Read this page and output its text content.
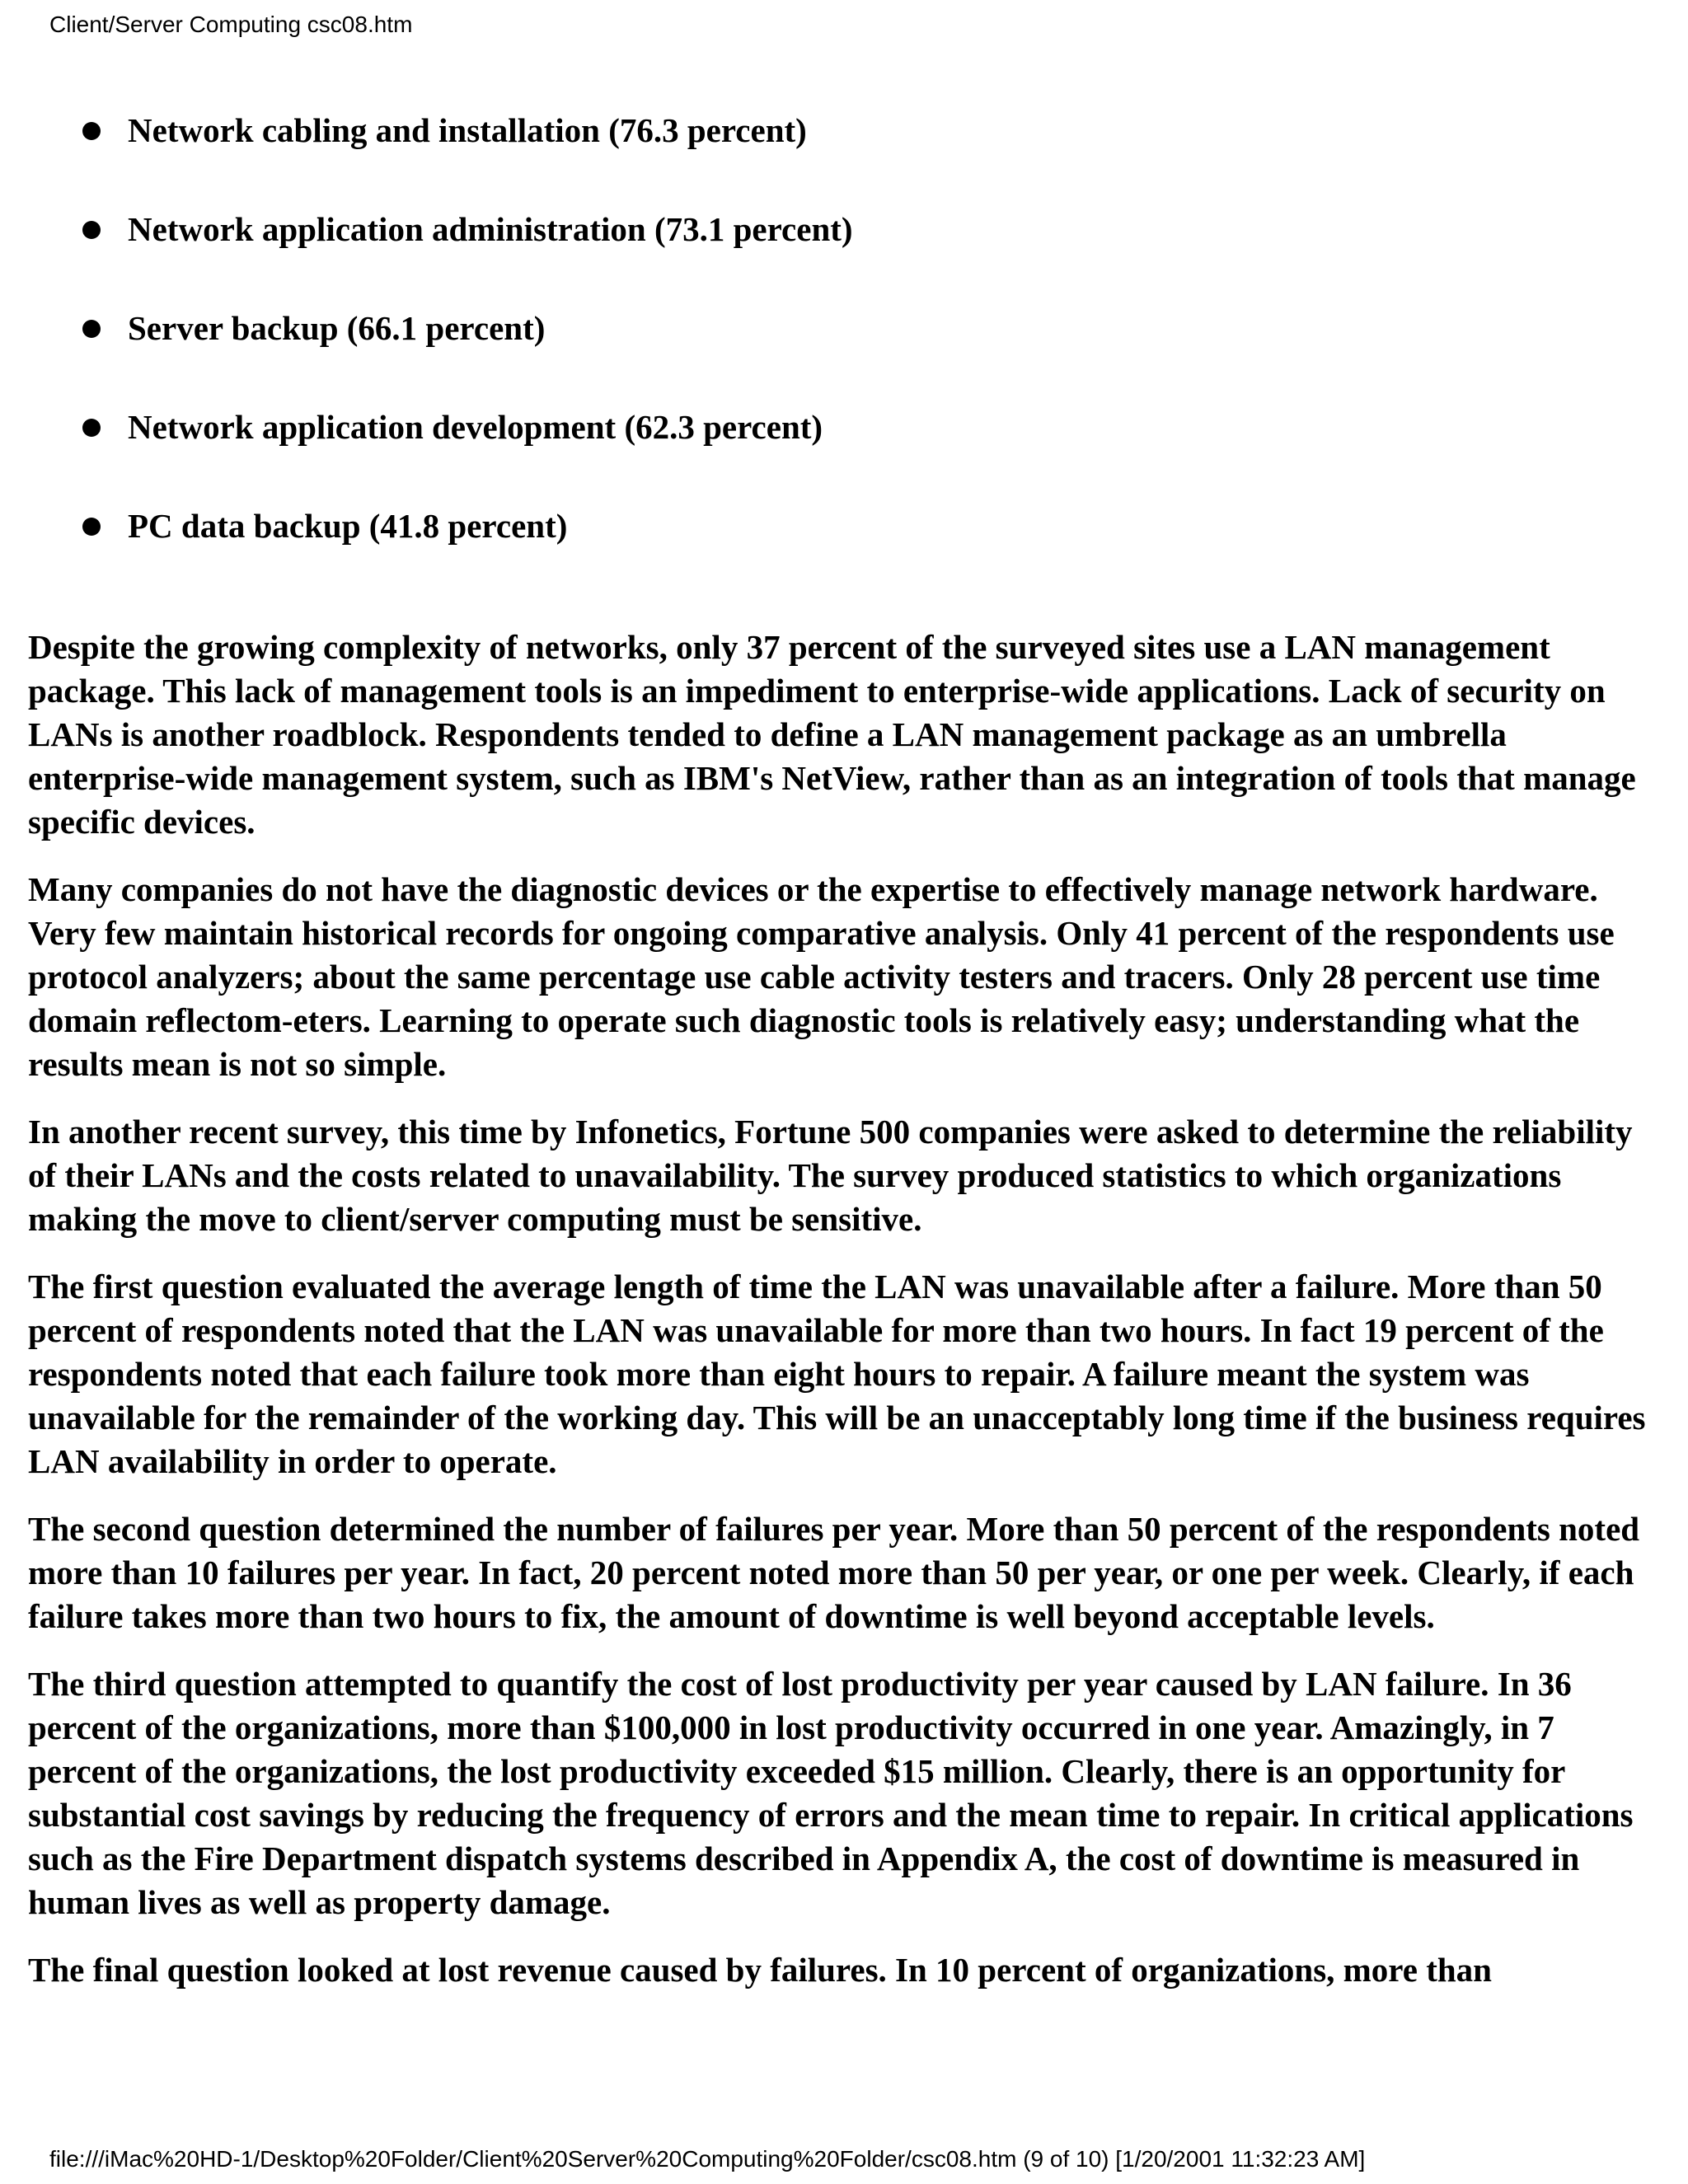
Client/Server Computing csc08.htm
Network cabling and installation (76.3 percent)
Network application administration (73.1 percent)
Server backup (66.1 percent)
Network application development (62.3 percent)
PC data backup (41.8 percent)

Despite the growing complexity of networks, only 37 percent of the surveyed sites use a LAN management package. This lack of management tools is an impediment to enterprise-wide applications. Lack of security on LANs is another roadblock. Respondents tended to define a LAN management package as an umbrella enterprise-wide management system, such as IBM's NetView, rather than as an integration of tools that manage specific devices.

Many companies do not have the diagnostic devices or the expertise to effectively manage network hardware. Very few maintain historical records for ongoing comparative analysis. Only 41 percent of the respondents use protocol analyzers; about the same percentage use cable activity testers and tracers. Only 28 percent use time domain reflectom-eters. Learning to operate such diagnostic tools is relatively easy; understanding what the results mean is not so simple.

In another recent survey, this time by Infonetics, Fortune 500 companies were asked to determine the reliability of their LANs and the costs related to unavailability. The survey produced statistics to which organizations making the move to client/server computing must be sensitive.

The first question evaluated the average length of time the LAN was unavailable after a failure. More than 50 percent of respondents noted that the LAN was unavailable for more than two hours. In fact 19 percent of the respondents noted that each failure took more than eight hours to repair. A failure meant the system was unavailable for the remainder of the working day. This will be an unacceptably long time if the business requires LAN availability in order to operate.

The second question determined the number of failures per year. More than 50 percent of the respondents noted more than 10 failures per year. In fact, 20 percent noted more than 50 per year, or one per week. Clearly, if each failure takes more than two hours to fix, the amount of downtime is well beyond acceptable levels.

The third question attempted to quantify the cost of lost productivity per year caused by LAN failure. In 36 percent of the organizations, more than $100,000 in lost productivity occurred in one year. Amazingly, in 7 percent of the organizations, the lost productivity exceeded $15 million. Clearly, there is an opportunity for substantial cost savings by reducing the frequency of errors and the mean time to repair. In critical applications such as the Fire Department dispatch systems described in Appendix A, the cost of downtime is measured in human lives as well as property damage.

The final question looked at lost revenue caused by failures. In 10 percent of organizations, more than

file:///iMac%20HD-1/Desktop%20Folder/Client%20Server%20Computing%20Folder/csc08.htm (9 of 10) [1/20/2001 11:32:23 AM]
